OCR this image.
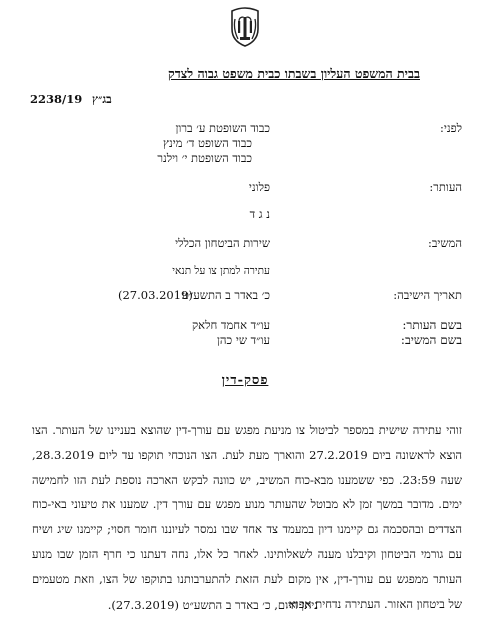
בבית המשפט העליון בשבתו כבית משפט גבוה לצדק
2238/19 בג״ץ
לפני:
כבוד השופטת ע׳ ברון
כבוד השופט ד׳ מינץ
כבוד השופטת י׳ וילנר
העותר:
פלוני
נ ג ד
המשיב:
שירות הביטחון הכללי
עתירה למתן צו על תנאי
תאריך הישיבה:
כ׳ באדר ב התשע״ט
(27.03.2019)
בשם העותר:
עו״ד אחמד חלאק
בשם המשיב:
עו״ד שי כהן
פסק-דין
זוהי עתירה שישית במספר לביטול צו מניעת מפגש עם עורך-דין שהוצא בעניינו של העותר. הצו הוצא לראשונה ביום 27.2.2019 והוארך מעת לעת. הצו הנוכחי תוקפו עד ליום 28.3.2019, שעה 23:59. כפי ששמענו מבא-כוח המשיב, יש כוונה לבקש הארכה נוספת לעת הזו לחמישה ימים. מדובר במשך זמן לא מבוטל שהעותר מנוע מפגש עם עורך דין. שמענו את טיעוני באי-כוח הצדדים ובהסכמה גם קיימנו דיון במעמד צד אחד שבו נמסר לעיוננו חומר חסוי; קיימנו שיג ושיח עם גורמי הביטחון וקיבלנו מענה לשאלותינו. לאחר כל אלו, נחה דעתנו כי חרף הזמן שבו מנוע העותר ממפגש עם עורך-דין, אין מקום לעת הזאת להתערבותנו בתוקפו של הצו, וזאת מטעמים של ביטחון האזור. העתירה נדחית אפוא.
ניתן היום, כ׳ באדר ב התשע״ט (27.3.2019).
